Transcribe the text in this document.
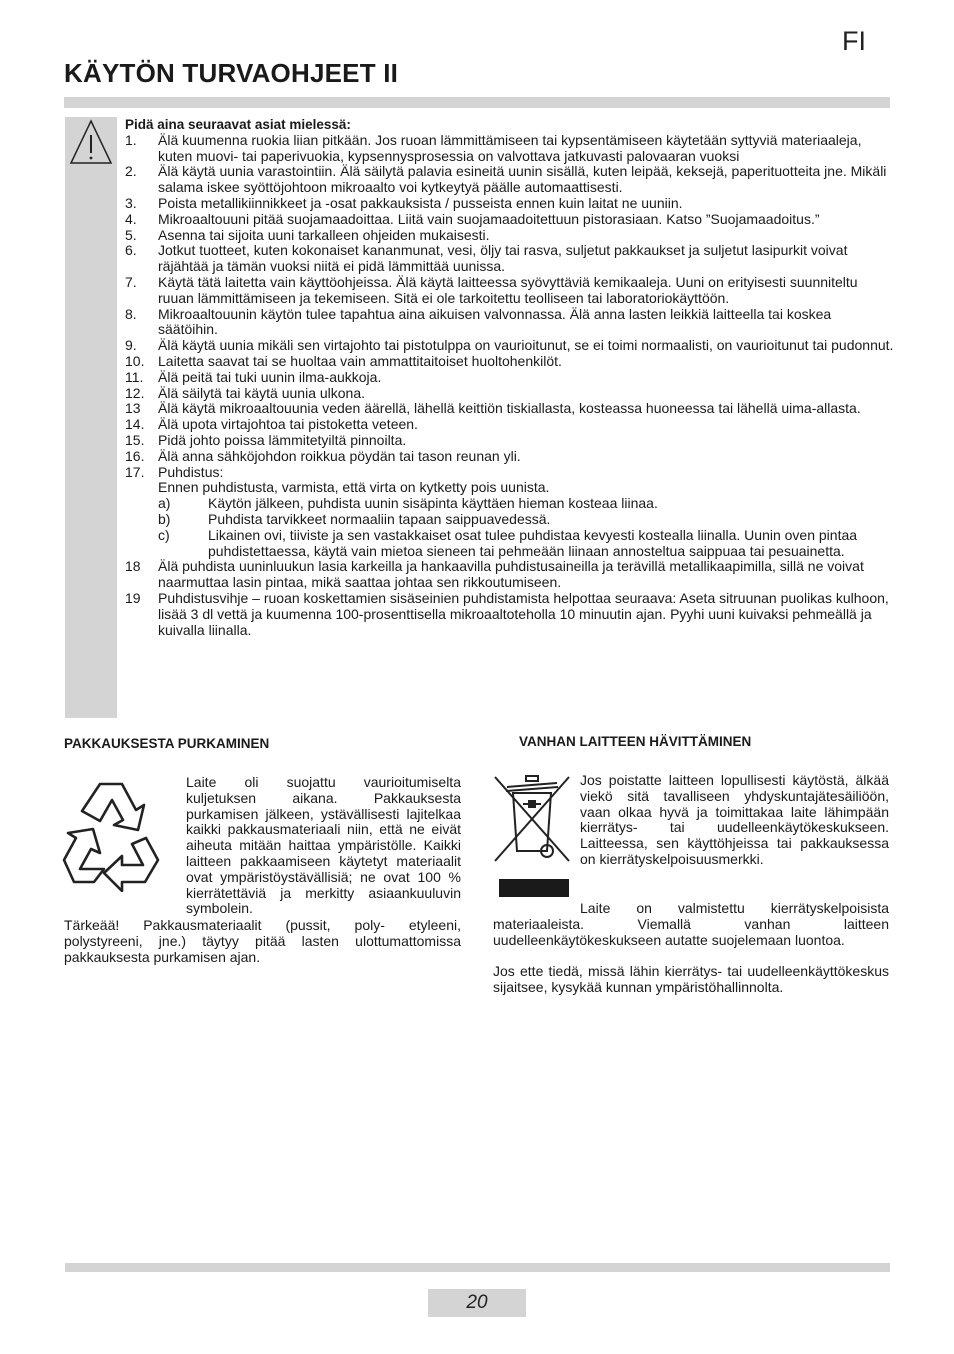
FI
KÄYTÖN TURVAOHJEET II

Pidä aina seuraavat asiat mielessä:

1.	Älä kuumenna ruokia liian pitkään. Jos ruoan lämmittämiseen tai kypsentämiseen käytetään syttyviä materiaaleja, kuten muovi- tai paperivuokia, kypsennysprosessia on valvottava jatkuvasti palovaaran vuoksi
2.	Älä käytä uunia varastointiin. Älä säilytä palavia esineitä uunin sisällä, kuten leipää, keksejä, paperituotteita jne. Mikäli salama iskee syöttöjohtoon mikroaalto voi kytkeytyä päälle automaattisesti.
3.	Poista metallikiinnikkeet ja -osat pakkauksista / pusseista ennen kuin laitat ne uuniin.
4.	Mikroaaltouuni pitää suojamaadoittaa. Liitä vain suojamaadoitettuun pistorasiaan. Katso ”Suojamaadoitus.”
5.	Asenna tai sijoita uuni tarkalleen ohjeiden mukaisesti.
6.	Jotkut tuotteet, kuten kokonaiset kananmunat, vesi, öljy tai rasva, suljetut pakkaukset ja suljetut lasipurkit voivat räjähtää ja tämän vuoksi niitä ei pidä lämmittää uunissa.
7.	Käytä tätä laitetta vain käyttöohjeissa. Älä käytä laitteessa syövyttäviä kemikaaleja. Uuni on erityisesti suunniteltu ruuan lämmittämiseen ja tekemiseen. Sitä ei ole tarkoitettu teolliseen tai laboratoriokäyttöön.
8.	Mikroaaltouunin käytön tulee tapahtua aina aikuisen valvonnassa. Älä anna lasten leikkiä laitteella tai koskea säätöihin.
9.	Älä käytä uunia mikäli sen virtajohto tai pistotulppa on vaurioitunut, se ei toimi normaalisti, on vaurioitunut tai pudonnut.
10. Laitetta saavat tai se huoltaa vain ammattitaitoiset huoltohenkilöt.
11.	Älä peitä tai tuki uunin ilma-aukkoja.
12. Älä säilytä tai käytä uunia ulkona.
13	Älä käytä mikroaaltouunia veden äärellä, lähellä keittiön tiskiallasta, kosteassa huoneessa tai lähellä uima-allasta.
14. Älä upota virtajohtoa tai pistoketta veteen.
15. Pidä johto poissa lämmitetyiltä pinnoilta.
16. Älä anna sähköjohdon roikkua pöydän tai tason reunan yli.
17. Puhdistus:
Ennen puhdistusta, varmista, että virta on kytketty pois uunista.
a)	Käytön jälkeen, puhdista uunin sisäpinta käyttäen hieman kosteaa liinaa.
b)	Puhdista tarvikkeet normaaliin tapaan saippuavedessä.
c)	Likainen ovi, tiiviste ja sen vastakkaiset osat tulee puhdistaa kevyesti kostealla liinalla. Uunin oven pintaa puhdistettaessa, käytä vain mietoa sieneen tai pehmeään liinaan annosteltua saippuaa tai pesuainetta.
18	Älä puhdista uuninluukun lasia karkeilla ja hankaavilla puhdistusaineilla ja terävillä metallikaapimilla, sillä ne voivat naarmuttaa lasin pintaa, mikä saattaa johtaa sen rikkoutumiseen.
19	Puhdistusvihje – ruoan koskettamien sisäseinien puhdistamista helpottaa seuraava: Aseta sitruunan puolikas kulhoon, lisää 3 dl vettä ja kuumenna 100-prosenttisella mikroaaltoteholla 10 minuutin ajan. Pyyhi uuni kuivaksi pehmeällä ja kuivalla liinalla.
PAKKAUKSESTA PURKAMINEN

Laite oli suojattu vaurioitumiselta kuljetuksen aikana. Pakkauksesta purkamisen jälkeen, ystävällisesti lajitelkaa kaikki pakkausmateriaali niin, että ne eivät aiheuta mitään haittaa ympäristölle. Kaikki laitteen pakkaamiseen käytetyt materiaalit ovat ympäristöystävällisiä; ne ovat 100 % kierrätettäviä ja merkitty asiaankuuluvin symbolein.

Tärkeää! Pakkausmateriaalit (pussit, poly- etyleeni, polystyreeni, jne.) täytyy pitää lasten ulottumattomissa pakkauksesta purkamisen ajan.

VANHAN LAITTEEN HÄVITTÄMINEN

Jos poistatte laitteen lopullisesti käytöstä, älkää viekö sitä tavalliseen yhdyskuntajätesäiliöön, vaan olkaa hyvä ja toimittakaa laite lähimpään kierrätys- tai uudelleenkäytökeskukseen. Laitteessa, sen käyttöhjeissa tai pakkauksessa on kierrätyskelpoisuusmerkki.

Laite on valmistettu kierrätyskelpoisista materiaaleista. Viemallä vanhan laitteen uudelleenkäytökeskukseen autatte suojelemaan luontoa.

Jos ette tiedä, missä lähin kierrätys- tai uudelleenkäyttökeskus sijaitsee, kysykää kunnan ympäristöhallinnolta.

20
